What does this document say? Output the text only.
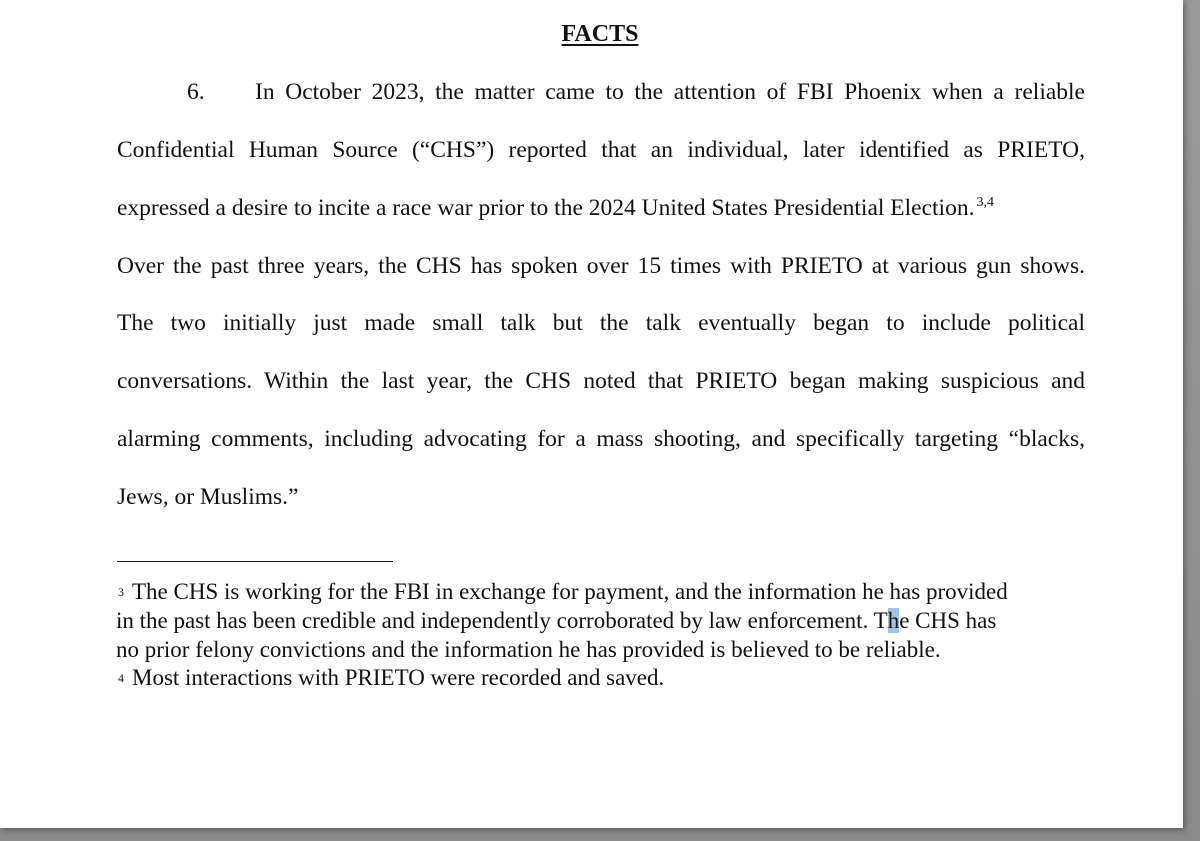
FACTS
6. In October 2023, the matter came to the attention of FBI Phoenix when a reliable
Confidential Human Source (“CHS”) reported that an individual, later identified as PRIETO,
expressed a desire to incite a race war prior to the 2024 United States Presidential Election. $^{3,4}$
Over the past three years, the CHS has spoken over 15 times with PRIETO at various gun shows.
The two initially just made small talk but the talk eventually began to include political
conversations. Within the last year, the CHS noted that PRIETO began making suspicious and
alarming comments, including advocating for a mass shooting, and specifically targeting “blacks,
Jews, or Muslims.”
3 The CHS is working for the FBI in exchange for payment, and the information he has provided
in the past has been credible and independently corroborated by law enforcement. The CHS has
no prior felony convictions and the information he has provided is believed to be reliable.
4 Most interactions with PRIETO were recorded and saved.
